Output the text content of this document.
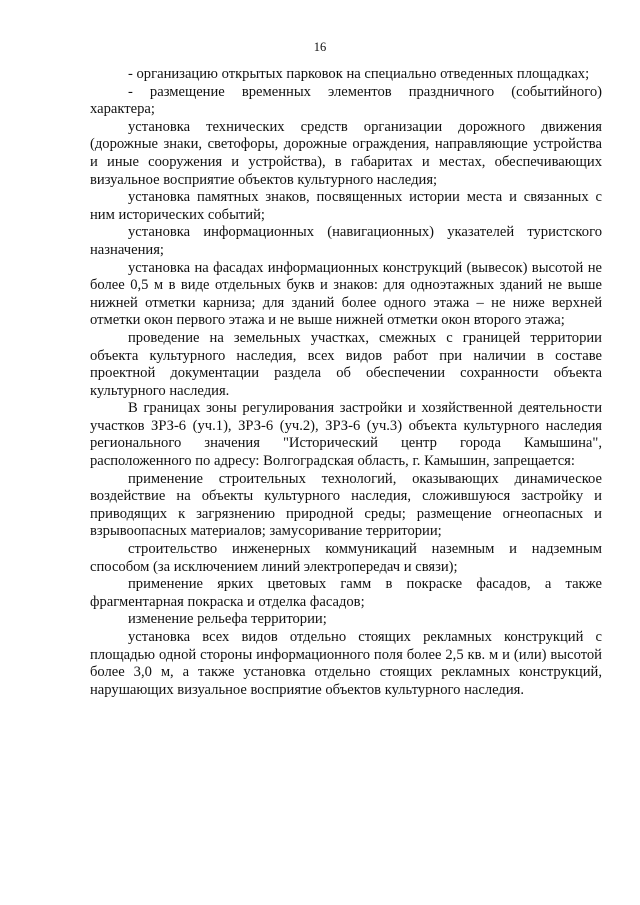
16

- организацию открытых парковок на специально отведенных площадках;

- размещение временных элементов праздничного (событийного) характера;

установка технических средств организации дорожного движения (дорожные знаки, светофоры, дорожные ограждения, направляющие устройства и иные сооружения и устройства), в габаритах и местах, обеспечивающих визуальное восприятие объектов культурного наследия;

установка памятных знаков, посвященных истории места и связанных с ним исторических событий;

установка информационных (навигационных) указателей туристского назначения;

установка на фасадах информационных конструкций (вывесок) высотой не более 0,5 м в виде отдельных букв и знаков: для одноэтажных зданий не выше нижней отметки карниза; для зданий более одного этажа – не ниже верхней отметки окон первого этажа и не выше нижней отметки окон второго этажа;

проведение на земельных участках, смежных с границей территории объекта культурного наследия, всех видов работ при наличии в составе проектной документации раздела об обеспечении сохранности объекта культурного наследия.

В границах зоны регулирования застройки и хозяйственной деятельности участков ЗРЗ-6 (уч.1), ЗРЗ-6 (уч.2), ЗРЗ-6 (уч.3) объекта культурного наследия регионального значения "Исторический центр города Камышина", расположенного по адресу: Волгоградская область, г. Камышин, запрещается:

применение строительных технологий, оказывающих динамическое воздействие на объекты культурного наследия, сложившуюся застройку и приводящих к загрязнению природной среды; размещение огнеопасных и взрывоопасных материалов; замусоривание территории;

строительство инженерных коммуникаций наземным и надземным способом (за исключением линий электропередач и связи);

применение ярких цветовых гамм в покраске фасадов, а также фрагментарная покраска и отделка фасадов;

изменение рельефа территории;

установка всех видов отдельно стоящих рекламных конструкций с площадью одной стороны информационного поля более 2,5 кв. м и (или) высотой более 3,0 м, а также установка отдельно стоящих рекламных конструкций, нарушающих визуальное восприятие объектов культурного наследия.
